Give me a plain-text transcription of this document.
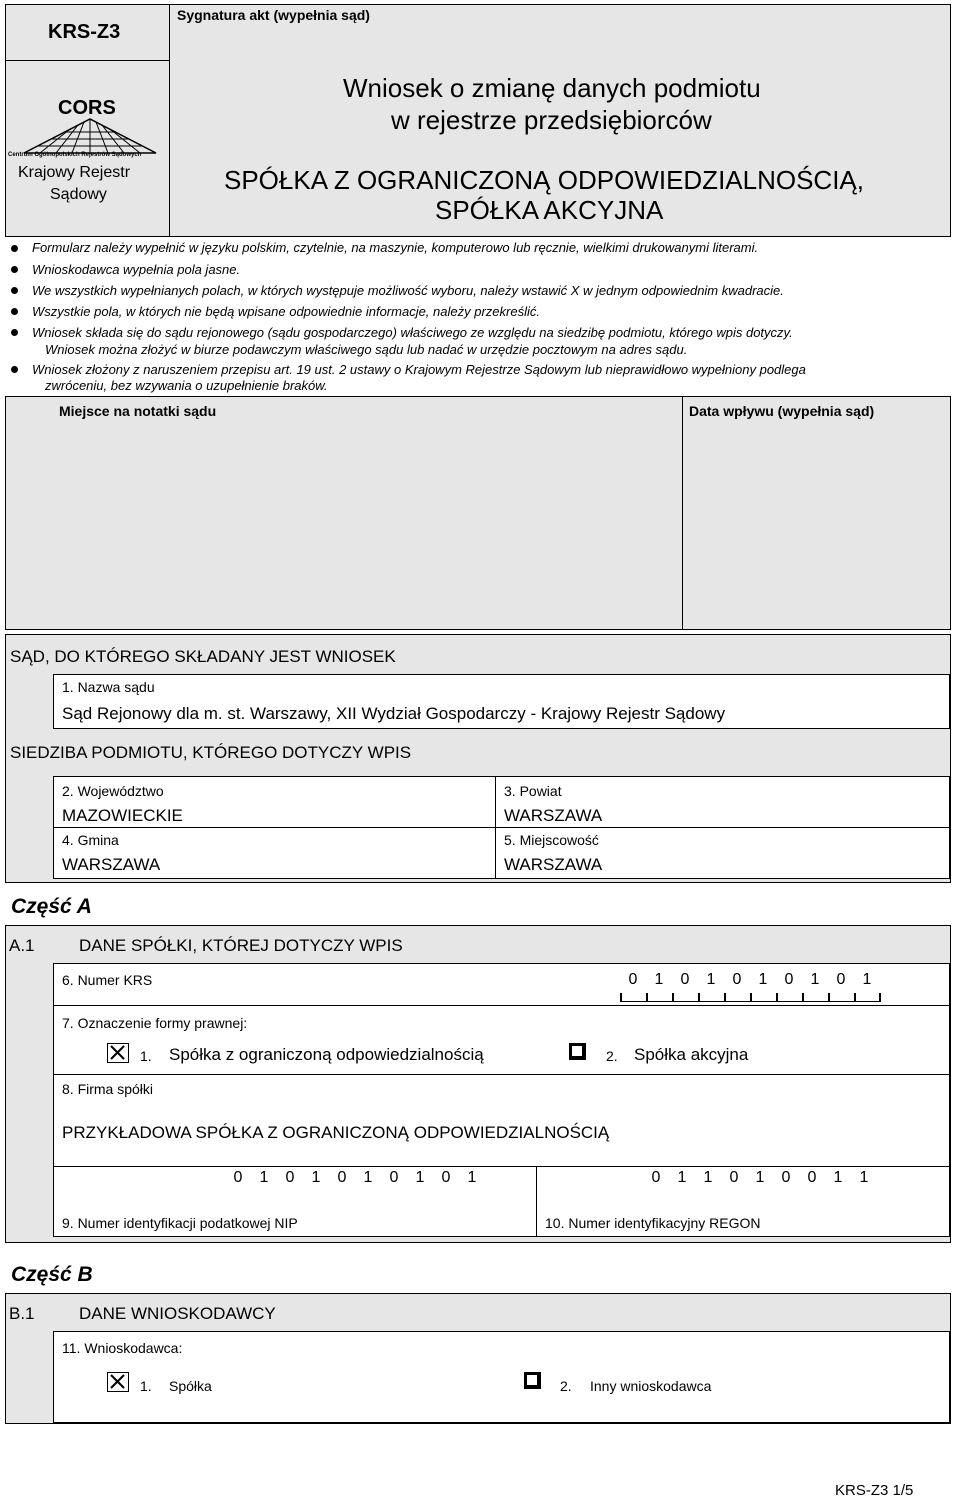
KRS-Z3
CORS
Centrum Ogólnopolskich Rejestrów Sądowych
Krajowy Rejestr
Sądowy
Sygnatura akt (wypełnia sąd)
Wniosek o zmianę danych podmiotu
w rejestrze przedsiębiorców
SPÓŁKA Z OGRANICZONĄ ODPOWIEDZIALNOŚCIĄ,
SPÓŁKA AKCYJNA
Formularz należy wypełnić w języku polskim, czytelnie, na maszynie, komputerowo lub ręcznie, wielkimi drukowanymi literami.
Wnioskodawca wypełnia pola jasne.
We wszystkich wypełnianych polach, w których występuje możliwość wyboru, należy wstawić X w jednym odpowiednim kwadracie.
Wszystkie pola, w których nie będą wpisane odpowiednie informacje, należy przekreślić.
Wniosek składa się do sądu rejonowego (sądu gospodarczego) właściwego ze względu na siedzibę podmiotu, którego wpis dotyczy.
Wniosek można złożyć w biurze podawczym właściwego sądu lub nadać w urzędzie pocztowym na adres sądu.
Wniosek złożony z naruszeniem przepisu art. 19 ust. 2 ustawy o Krajowym Rejestrze Sądowym lub nieprawidłowo wypełniony podlega
zwróceniu, bez wzywania o uzupełnienie braków.
Miejsce na notatki sądu	Data wpływu (wypełnia sąd)
SĄD, DO KTÓREGO SKŁADANY JEST WNIOSEK
1. Nazwa sądu
Sąd Rejonowy dla m. st. Warszawy, XII Wydział Gospodarczy - Krajowy Rejestr Sądowy
SIEDZIBA PODMIOTU, KTÓREGO DOTYCZY WPIS
2. Województwo
MAZOWIECKIE
3. Powiat
WARSZAWA
4. Gmina
WARSZAWA
5. Miejscowość
WARSZAWA
Część A
A.1	DANE SPÓŁKI, KTÓREJ DOTYCZY WPIS
6. Numer KRS	0	1	0	1	0	1	0	1	0	1
7. Oznaczenie formy prawnej:
1. Spółka z ograniczoną odpowiedzialnością	2. Spółka akcyjna
8. Firma spółki
PRZYKŁADOWA SPÓŁKA Z OGRANICZONĄ ODPOWIEDZIALNOŚCIĄ
0	1	0	1	0	1	0	1	0	1
9. Numer identyfikacji podatkowej NIP
0	1	1	0	1	0	0	1	1
10. Numer identyfikacyjny REGON
Część B
B.1	DANE WNIOSKODAWCY
11. Wnioskodawca:
1. Spółka	2. Inny wnioskodawca
KRS-Z3 1/5
